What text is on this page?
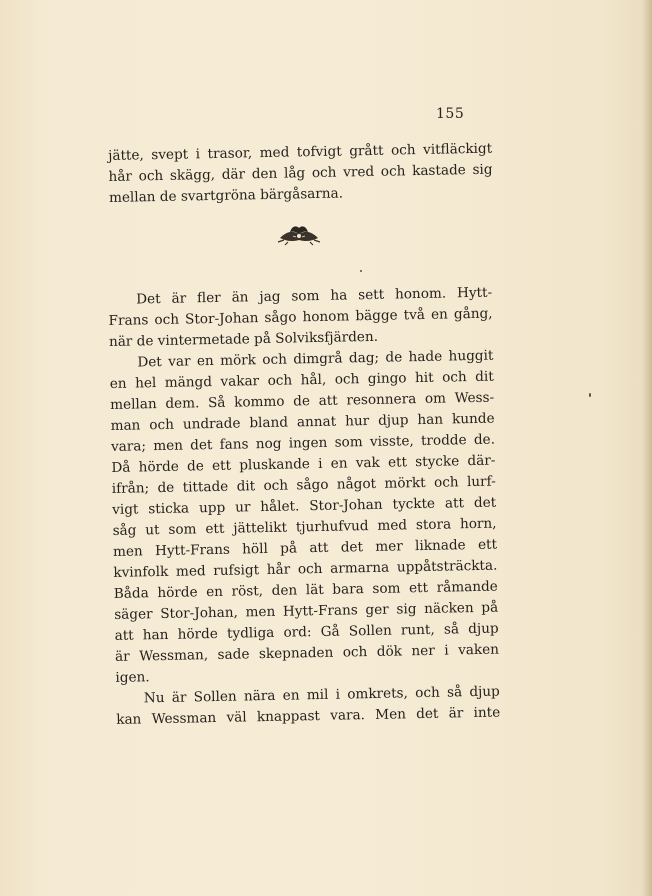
155
jätte, svept i trasor, med tofvigt grått och vitfläckigt
hår och skägg, där den låg och vred och kastade sig
mellan de svartgröna bärgåsarna.
Det är fler än jag som ha sett honom. Hytt-
Frans och Stor-Johan sågo honom bägge två en gång,
när de vintermetade på Solviksfjärden.
Det var en mörk och dimgrå dag; de hade huggit
en hel mängd vakar och hål, och gingo hit och dit
mellan dem. Så kommo de att resonnera om Wess-
man och undrade bland annat hur djup han kunde
vara; men det fans nog ingen som visste, trodde de.
Då hörde de ett pluskande i en vak ett stycke där-
ifrån; de tittade dit och sågo något mörkt och lurf-
vigt sticka upp ur hålet. Stor-Johan tyckte att det
såg ut som ett jättelikt tjurhufvud med stora horn,
men Hytt-Frans höll på att det mer liknade ett
kvinfolk med rufsigt hår och armarna uppåtsträckta.
Båda hörde en röst, den lät bara som ett råmande
säger Stor-Johan, men Hytt-Frans ger sig näcken på
att han hörde tydliga ord: Gå Sollen runt, så djup
är Wessman, sade skepnaden och dök ner i vaken
igen.
Nu är Sollen nära en mil i omkrets, och så djup
kan Wessman väl knappast vara. Men det är inte
